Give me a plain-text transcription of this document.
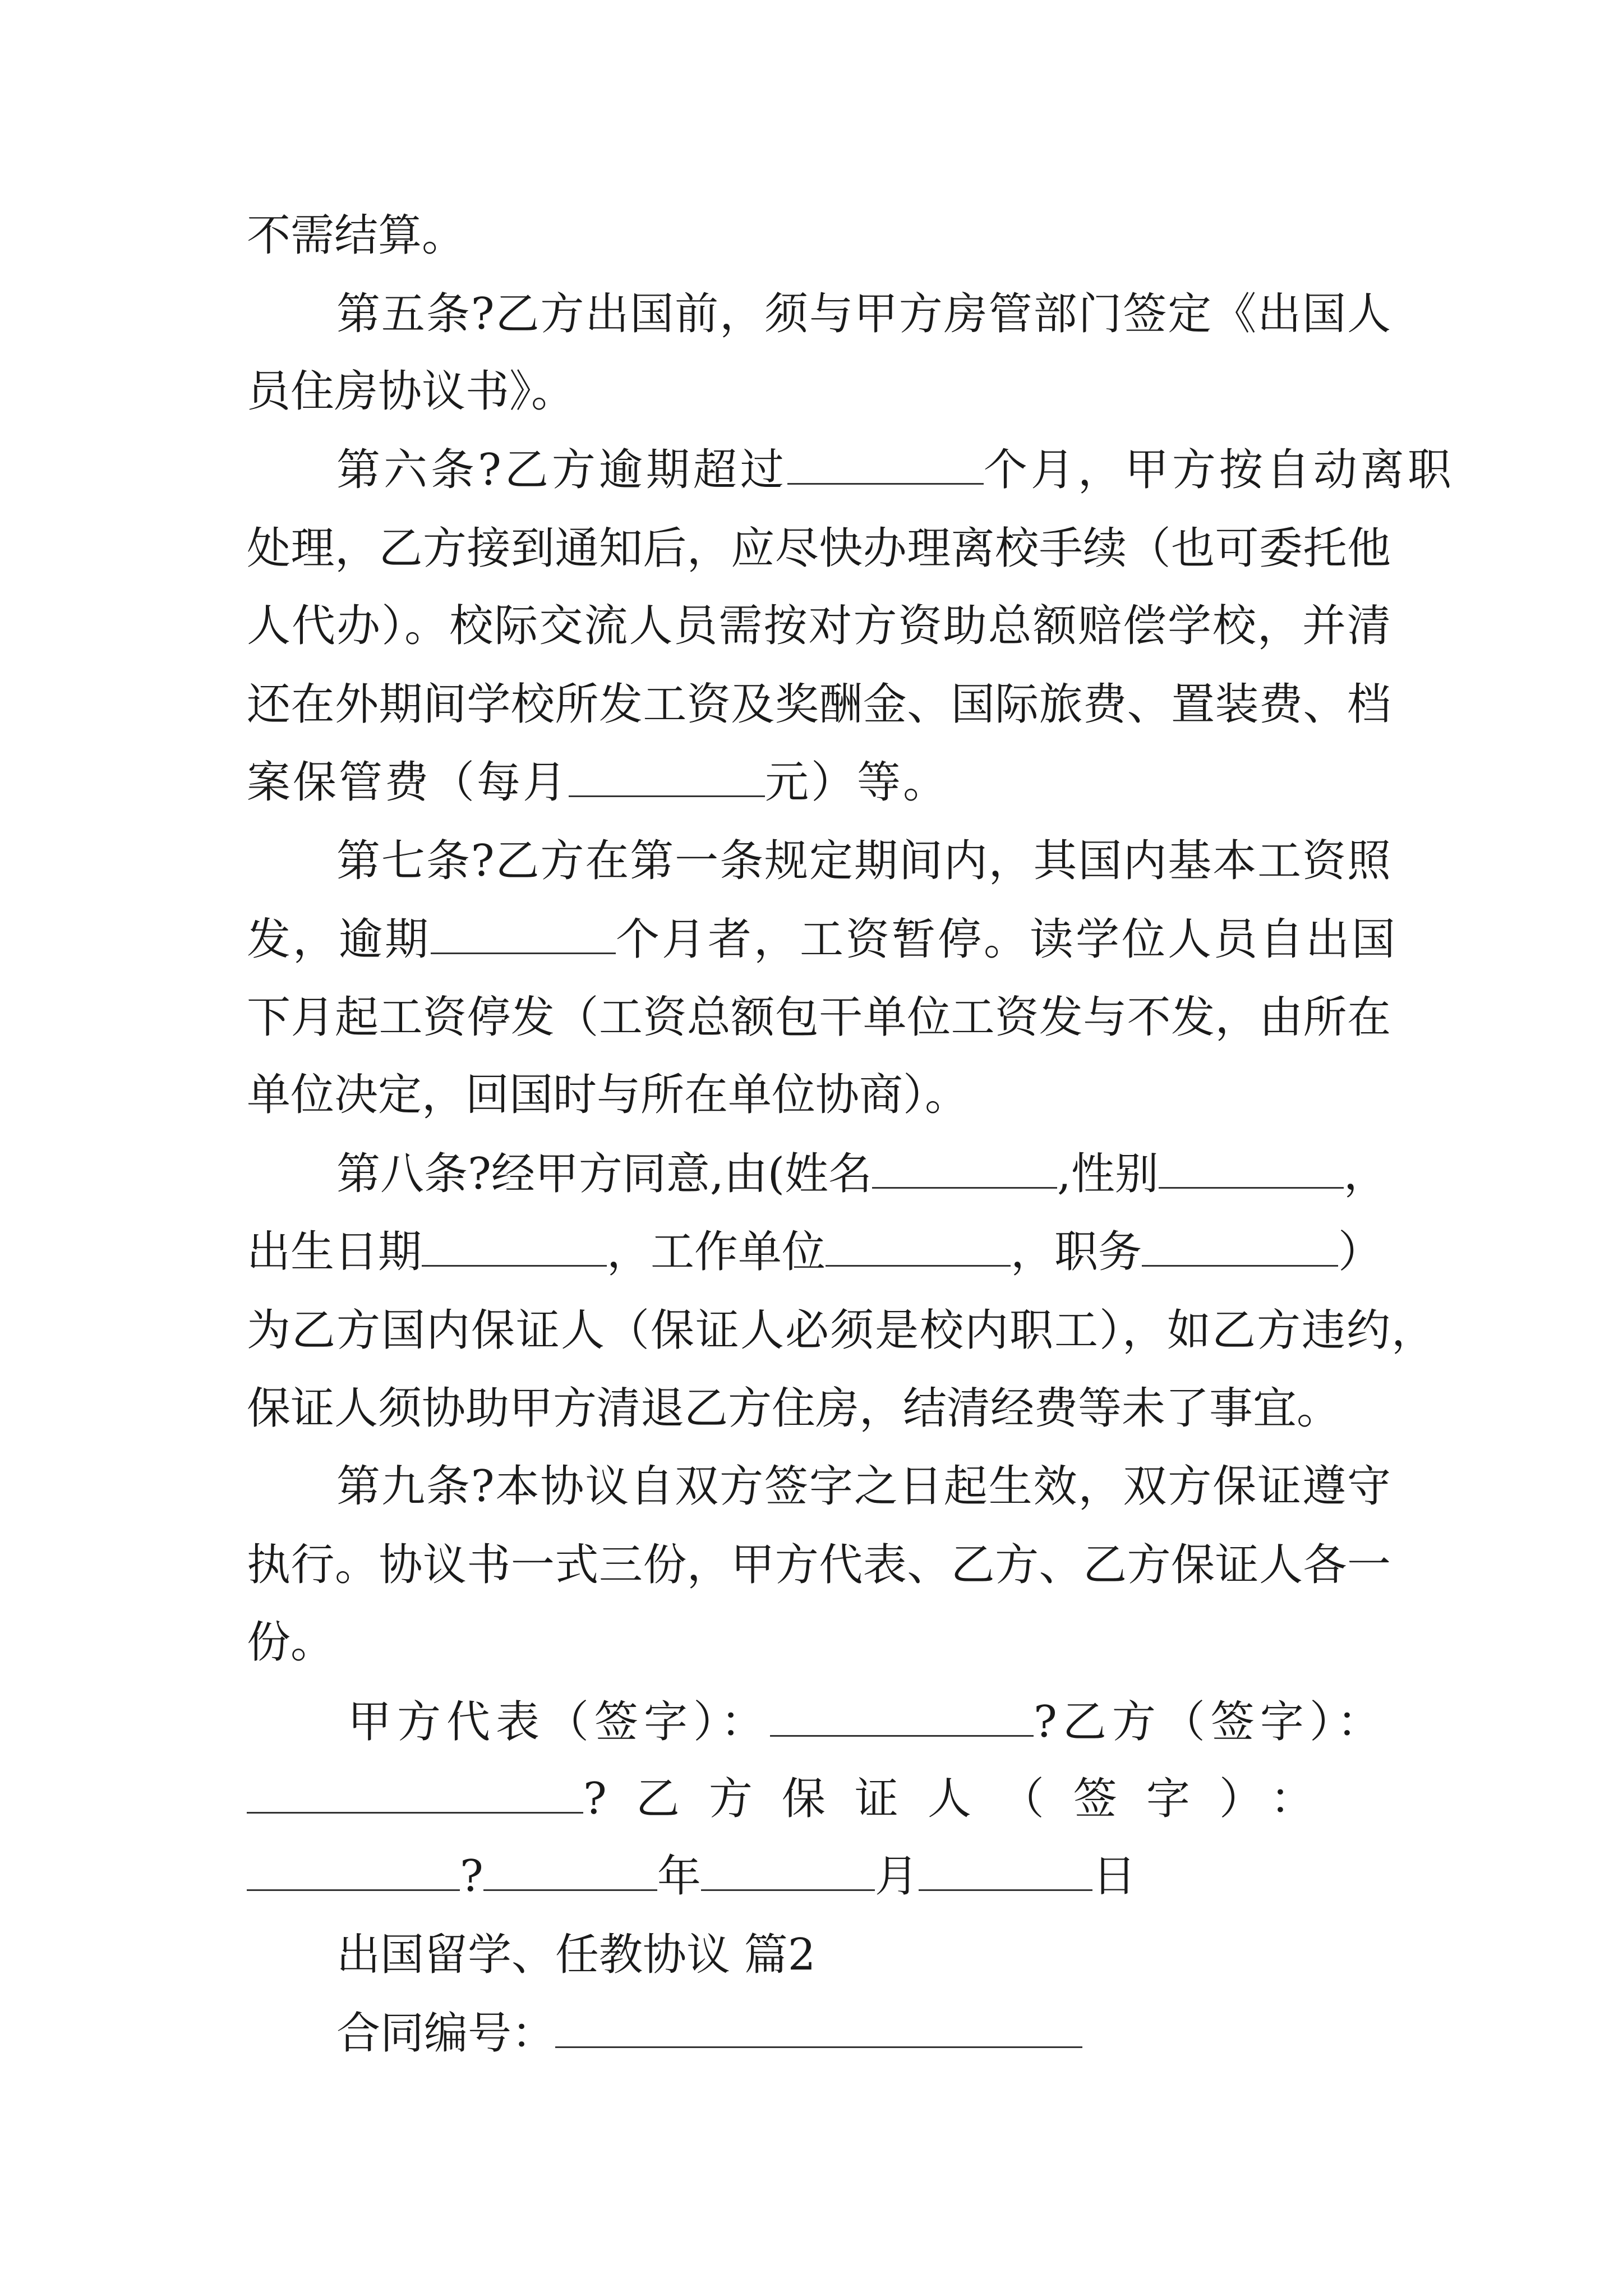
不需结算。
第五条?乙方出国前，须与甲方房管部门签定《出国人
员住房协议书》。
第六条?乙方逾期超过	个月，甲方按自动离职
处理，乙方接到通知后，应尽快办理离校手续（也可委托他
人代办）。校际交流人员需按对方资助总额赔偿学校，并清
还在外期间学校所发工资及奖酬金、国际旅费、置装费、档
案保管费（每月	元）等。
第七条?乙方在第一条规定期间内，其国内基本工资照
发，逾期	个月者，工资暂停。读学位人员自出国
下月起工资停发（工资总额包干单位工资发与不发，由所在
单位决定，回国时与所在单位协商）。
第八条?经甲方同意,由(姓名	,性别	，
出生日期	，工作单位	，职务	）
为乙方国内保证人（保证人必须是校内职工），如乙方违约，
保证人须协助甲方清退乙方住房，结清经费等未了事宜。
第九条?本协议自双方签字之日起生效，双方保证遵守
执行。协议书一式三份，甲方代表、乙方、乙方保证人各一
份。
甲方代表（签字）：	?乙方（签字）：
?乙方保证人（签字）：
?	年	月	日
出国留学、任教协议 篇2
合同编号：
